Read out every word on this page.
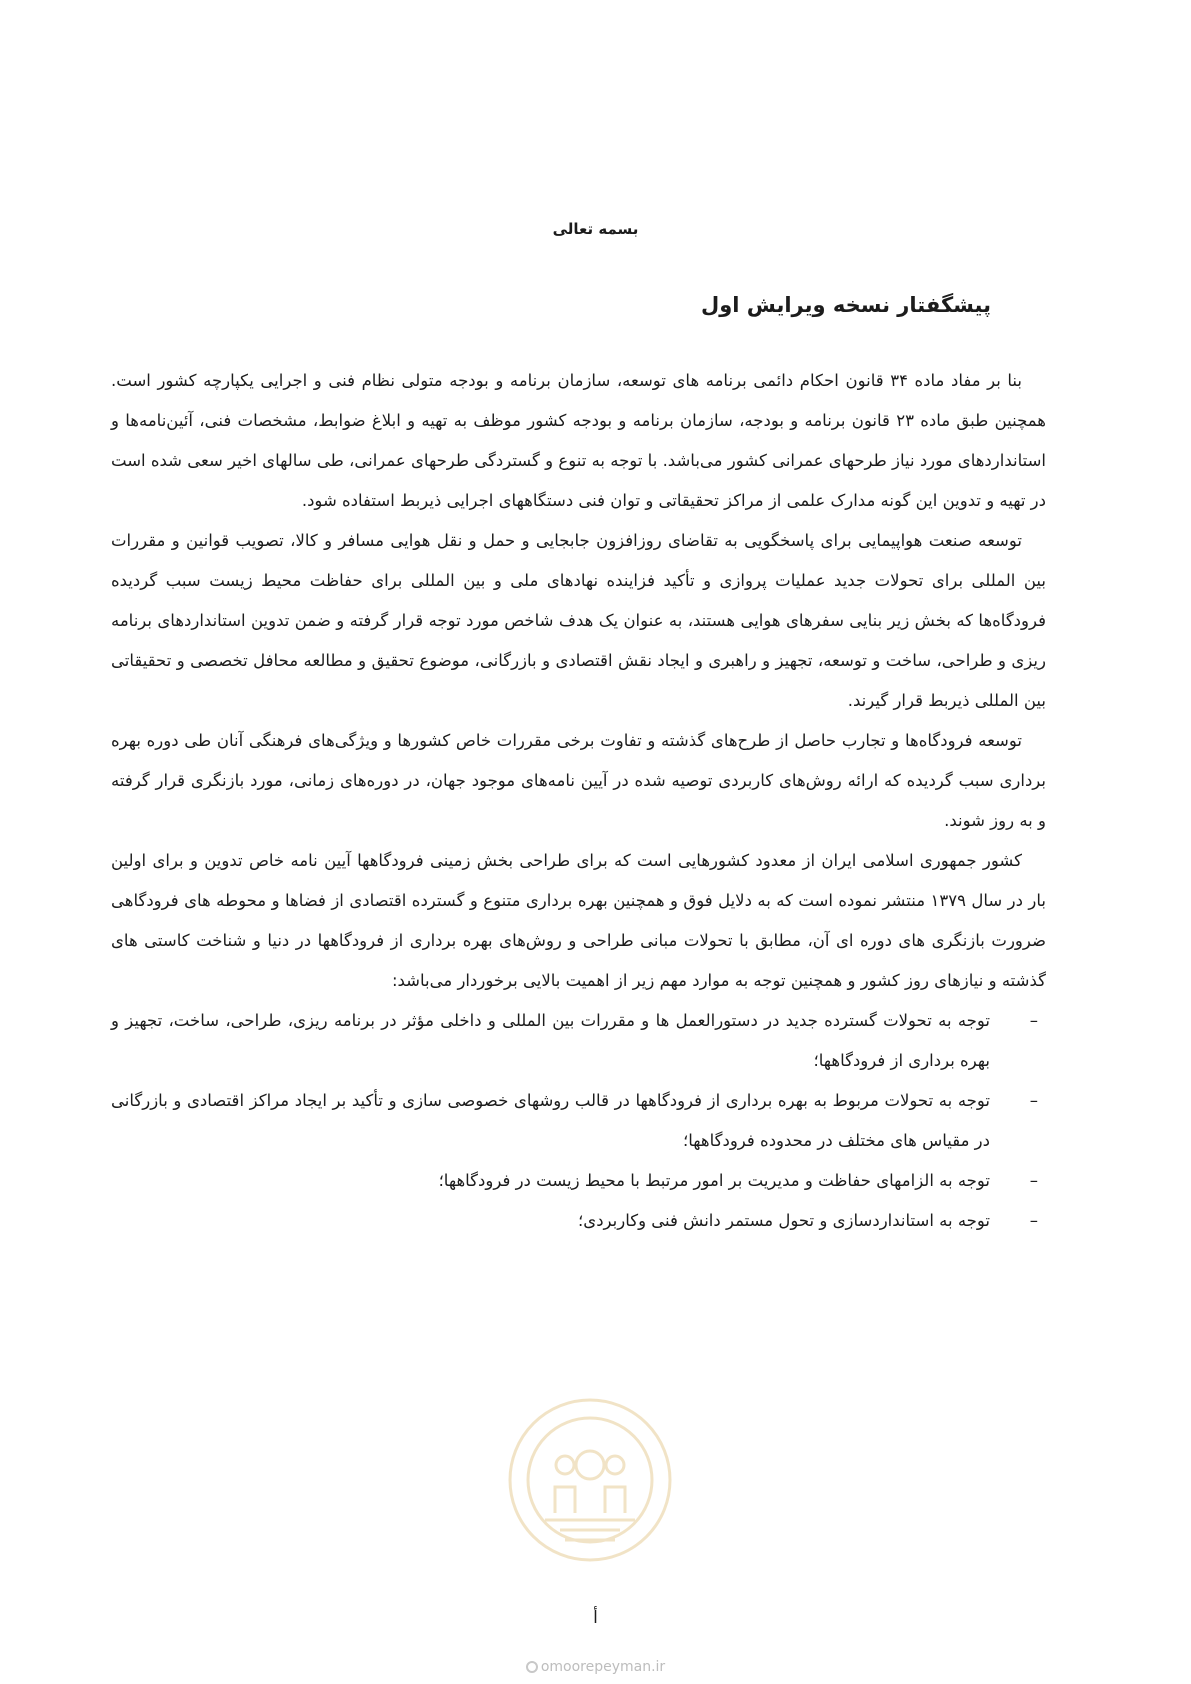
بسمه تعالی

پیشگفتار نسخه ویرایش اول

بنا بر مفاد ماده ۳۴ قانون احکام دائمی برنامه های توسعه، سازمان برنامه و بودجه متولی نظام فنی و اجرایی یکپارچه کشور است. همچنین طبق ماده ۲۳ قانون برنامه و بودجه، سازمان برنامه و بودجه کشور موظف به تهیه و ابلاغ ضوابط، مشخصات فنی، آئین‌نامه‌ها و استانداردهای مورد نیاز طرحهای عمرانی کشور می‌باشد. با توجه به تنوع و گستردگی طرحهای عمرانی، طی سالهای اخیر سعی شده است در تهیه و تدوین این گونه مدارک علمی از مراکز تحقیقاتی و توان فنی دستگاههای اجرایی ذیربط استفاده شود.

توسعه صنعت هواپیمایی برای پاسخگویی به تقاضای روزافزون جابجایی و حمل و نقل هوایی مسافر و کالا، تصویب قوانین و مقررات بین المللی برای تحولات جدید عملیات پروازی و تأکید فزاینده نهادهای ملی و بین المللی برای حفاظت محیط زیست سبب گردیده فرودگاه‌ها که بخش زیر بنایی سفرهای هوایی هستند، به عنوان یک هدف شاخص مورد توجه قرار گرفته و ضمن تدوین استانداردهای برنامه ریزی و طراحی، ساخت و توسعه، تجهیز و راهبری و ایجاد نقش اقتصادی و بازرگانی، موضوع تحقیق و مطالعه محافل تخصصی و تحقیقاتی بین المللی ذیربط قرار گیرند.

توسعه فرودگاه‌ها و تجارب حاصل از طرح‌های گذشته و تفاوت برخی مقررات خاص کشورها و ویژگی‌های فرهنگی آنان طی دوره بهره برداری سبب گردیده که ارائه روش‌های کاربردی توصیه شده در آیین نامه‌های موجود جهان، در دوره‌های زمانی، مورد بازنگری قرار گرفته و به روز شوند.

کشور جمهوری اسلامی ایران از معدود کشورهایی است که برای طراحی بخش زمینی فرودگاهها آیین نامه خاص تدوین و برای اولین بار در سال ۱۳۷۹ منتشر نموده است که به دلایل فوق و همچنین بهره برداری متنوع و گسترده اقتصادی از فضاها و محوطه های فرودگاهی ضرورت بازنگری های دوره ای آن، مطابق با تحولات مبانی طراحی و روش‌های بهره برداری از فرودگاهها در دنیا و شناخت کاستی های گذشته و نیازهای روز کشور و همچنین توجه به موارد مهم زیر از اهمیت بالایی برخوردار می‌باشد:

–
توجه به تحولات گسترده جدید در دستورالعمل ها و مقررات بین المللی و داخلی مؤثر در برنامه ریزی، طراحی، ساخت، تجهیز و بهره برداری از فرودگاهها؛
–
توجه به تحولات مربوط به بهره برداری از فرودگاهها در قالب روشهای خصوصی سازی و تأکید بر ایجاد مراکز اقتصادی و بازرگانی در مقیاس های مختلف در محدوده فرودگاهها؛
–
توجه به الزامهای حفاظت و مدیریت بر امور مرتبط با محیط زیست در فرودگاهها؛
–
توجه به استانداردسازی و تحول مستمر دانش فنی وکاربردی؛

أ

omoorepeyman.ir
